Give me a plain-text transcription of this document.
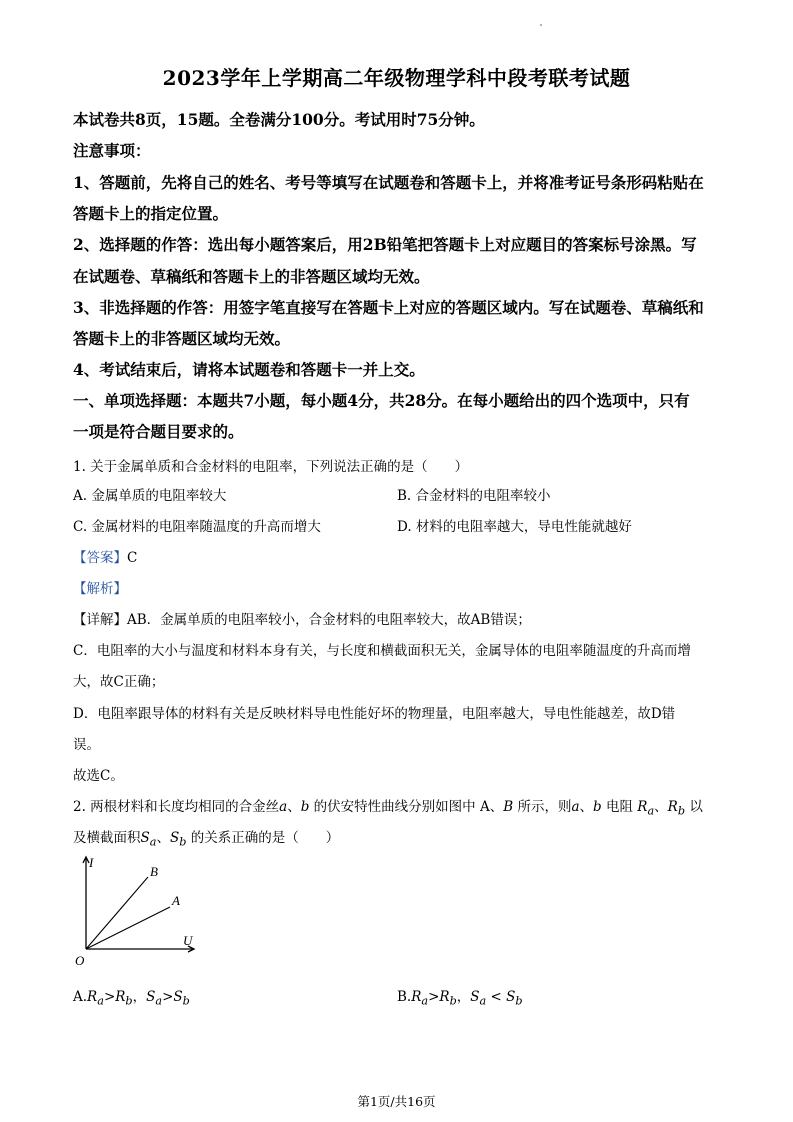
2023学年上学期高二年级物理学科中段考联考试题
本试卷共8页，15题。全卷满分100分。考试用时75分钟。
注意事项：
1、答题前，先将自己的姓名、考号等填写在试题卷和答题卡上，并将准考证号条形码粘贴在
答题卡上的指定位置。
2、选择题的作答：选出每小题答案后，用2B铅笔把答题卡上对应题目的答案标号涂黑。写
在试题卷、草稿纸和答题卡上的非答题区域均无效。
3、非选择题的作答：用签字笔直接写在答题卡上对应的答题区域内。写在试题卷、草稿纸和
答题卡上的非答题区域均无效。
4、考试结束后，请将本试题卷和答题卡一并上交。
一、单项选择题：本题共7小题，每小题4分，共28分。在每小题给出的四个选项中，只有
一项是符合题目要求的。
1. 关于金属单质和合金材料的电阻率，下列说法正确的是（　　）
A. 金属单质的电阻率较大	B. 合金材料的电阻率较小
C. 金属材料的电阻率随温度的升高而增大	D. 材料的电阻率越大，导电性能就越好
【答案】C
【解析】
【详解】AB．金属单质的电阻率较小，合金材料的电阻率较大，故AB错误；
C．电阻率的大小与温度和材料本身有关，与长度和横截面积无关，金属导体的电阻率随温度的升高而增
大，故C正确；
D．电阻率跟导体的材料有关是反映材料导电性能好坏的物理量，电阻率越大，导电性能越差，故D错
误。
故选C。
2. 两根材料和长度均相同的合金丝a、b 的伏安特性曲线分别如图中 A、B 所示，则a、b 电阻 $R_a$、$R_b$ 以
及横截面积$S_a$、$S_b$ 的关系正确的是（　　）
I
U
O
B
A
$A.R_a>R_b$，$S_a>S_b$	$B.R_a>R_b$，$S_a < S_b$
第1页/共16页
